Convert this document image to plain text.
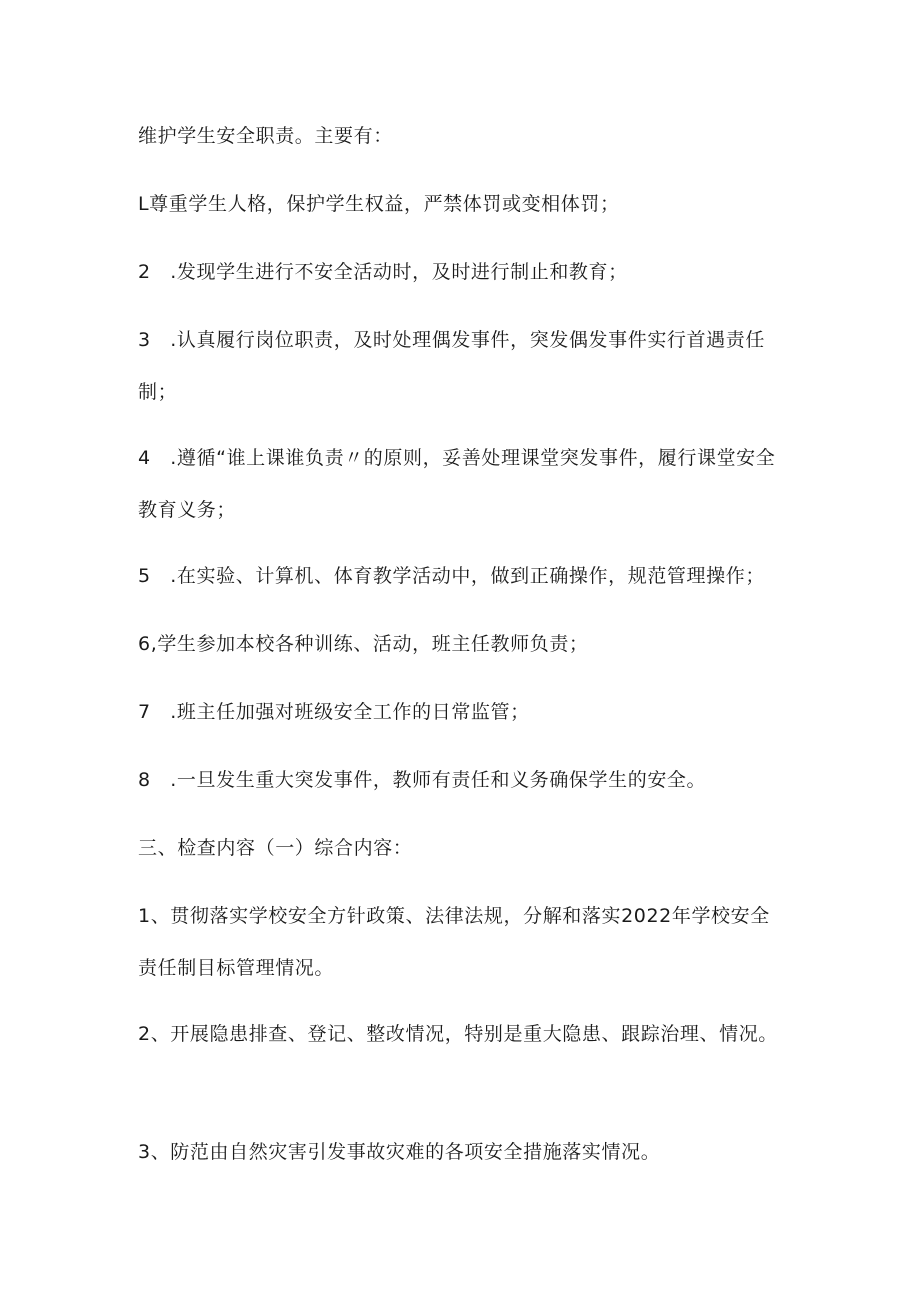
维护学生安全职责。主要有：

L尊重学生人格，保护学生权益，严禁体罚或变相体罚；

2　.发现学生进行不安全活动时，及时进行制止和教育；

3　.认真履行岗位职责，及时处理偶发事件，突发偶发事件实行首遇责任制；

4　.遵循“谁上课谁负责〃的原则，妥善处理课堂突发事件，履行课堂安全教育义务；

5　.在实验、计算机、体育教学活动中，做到正确操作，规范管理操作；

6,学生参加本校各种训练、活动，班主任教师负责；

7　.班主任加强对班级安全工作的日常监管；

8　.一旦发生重大突发事件，教师有责任和义务确保学生的安全。

三、检查内容（一）综合内容：

1、贯彻落实学校安全方针政策、法律法规，分解和落实2022年学校安全责任制目标管理情况。

2、开展隐患排查、登记、整改情况，特别是重大隐患、跟踪治理、情况。

3、防范由自然灾害引发事故灾难的各项安全措施落实情况。
